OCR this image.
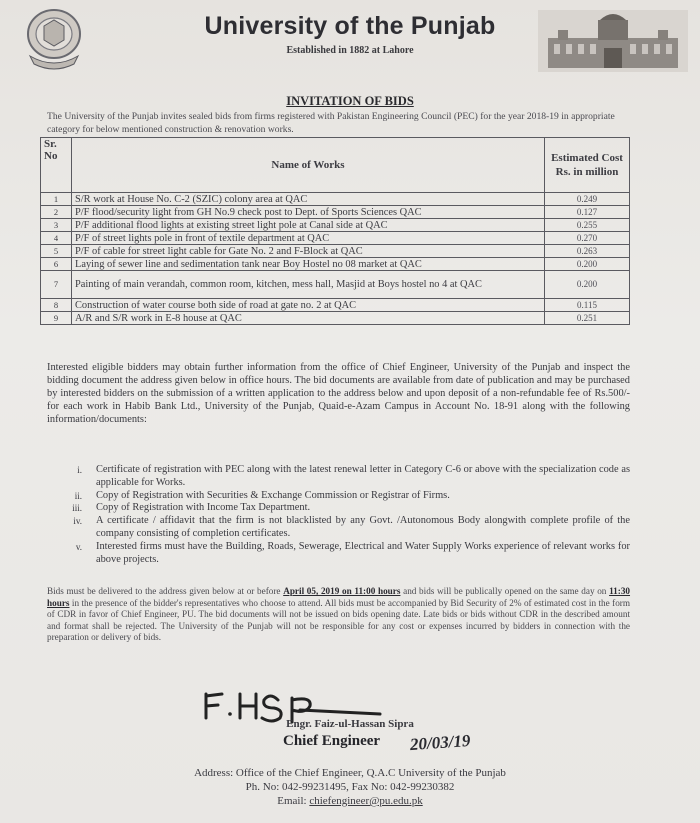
University of the Punjab
Established in 1882 at Lahore
INVITATION OF BIDS
The University of the Punjab invites sealed bids from firms registered with Pakistan Engineering Council (PEC) for the year 2018-19 in appropriate category for below mentioned construction & renovation works.
Sr. No	Name of Works	Estimated Cost Rs. in million
1	S/R work at House No. C-2 (SZIC) colony area at QAC	0.249
2	P/F flood/security light from GH No.9 check post to Dept. of Sports Sciences QAC	0.127
3	P/F additional flood lights at existing street light pole at Canal side at QAC	0.255
4	P/F of street lights pole in front of textile department at QAC	0.270
5	P/F of cable for street light cable for Gate No. 2 and F-Block at QAC	0.263
6	Laying of sewer line and sedimentation tank near Boy Hostel no 08 market at QAC	0.200
7	Painting of main verandah, common room, kitchen, mess hall, Masjid at Boys hostel no 4 at QAC	0.200
8	Construction of water course both side of road at gate no. 2 at QAC	0.115
9	A/R and S/R work in E-8 house at QAC	0.251
Interested eligible bidders may obtain further information from the office of Chief Engineer, University of the Punjab and inspect the bidding document the address given below in office hours. The bid documents are available from date of publication and may be purchased by interested bidders on the submission of a written application to the address below and upon deposit of a non-refundable fee of Rs.500/- for each work in Habib Bank Ltd., University of the Punjab, Quaid-e-Azam Campus in Account No. 18-91 along with the following information/documents:
i. Certificate of registration with PEC along with the latest renewal letter in Category C-6 or above with the specialization code as applicable for Works.
ii. Copy of Registration with Securities & Exchange Commission or Registrar of Firms.
iii. Copy of Registration with Income Tax Department.
iv. A certificate / affidavit that the firm is not blacklisted by any Govt. /Autonomous Body alongwith complete profile of the company consisting of completion certificates.
v. Interested firms must have the Building, Roads, Sewerage, Electrical and Water Supply Works experience of relevant works for above projects.
Bids must be delivered to the address given below at or before April 05, 2019 on 11:00 hours and bids will be publically opened on the same day on 11:30 hours in the presence of the bidder's representatives who choose to attend. All bids must be accompanied by Bid Security of 2% of estimated cost in the form of CDR in favor of Chief Engineer, PU. The bid documents will not be issued on bids opening date. Late bids or bids without CDR in the described amount and format shall be rejected. The University of the Punjab will not be responsible for any cost or expenses incurred by bidders in connection with the preparation or delivery of bids.
Engr. Faiz-ul-Hassan Sipra
Chief Engineer 20/03/19
Address: Office of the Chief Engineer, Q.A.C University of the Punjab
Ph. No: 042-99231495, Fax No: 042-99230382
Email: chiefengineer@pu.edu.pk
